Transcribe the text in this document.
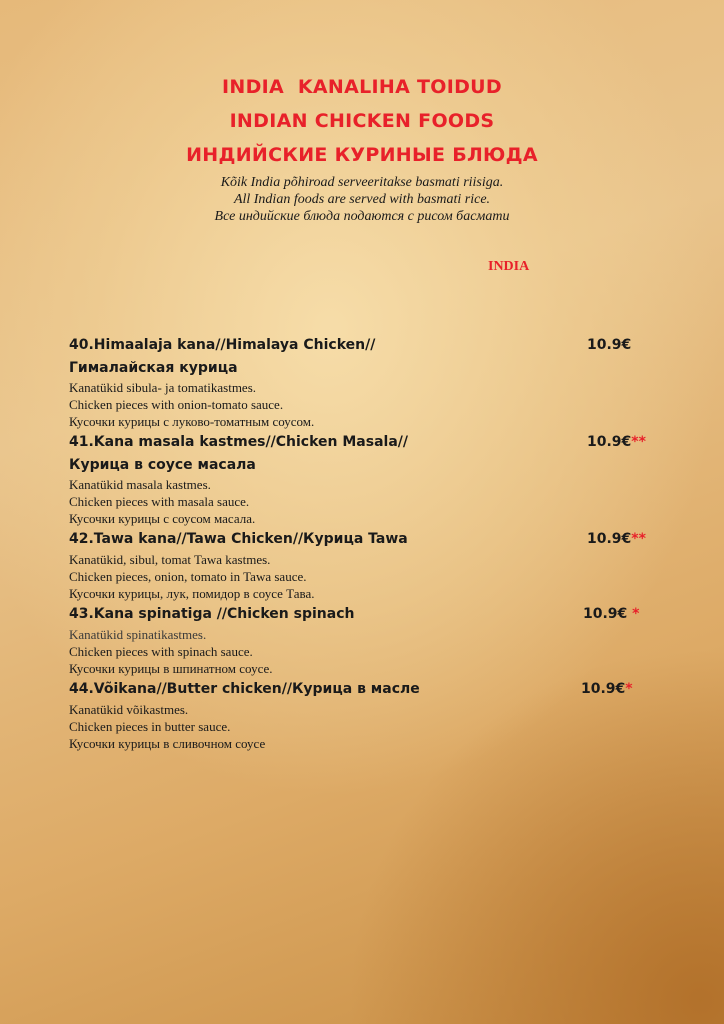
INDIA  KANALIHA TOIDUD
INDIAN CHICKEN FOODS
ИНДИЙСКИЕ КУРИНЫЕ БЛЮДА
Kõik India põhiroad serveeritakse basmati riisiga.
All Indian foods are served with basmati rice.
Все индийские блюда подаются с рисом басмати
INDIA
40.Himaalaja kana//Himalaya Chicken//	10.9€
Гималайская курица
Kanatükid sibula- ja tomatikastmes.
Chicken pieces with onion-tomato sauce.
Кусочки курицы с луково-томатным соусом.
41.Kana masala kastmes//Chicken Masala//	10.9€**
Курица в соусе масала
Kanatükid masala kastmes.
Chicken pieces with masala sauce.
Кусочки курицы с соусом масала.
42.Tawa kana//Tawa Chicken//Курица Tawa	10.9€**
Kanatükid, sibul, tomat Tawa kastmes.
Chicken pieces, onion, tomato in Tawa sauce.
Кусочки курицы, лук, помидор в соусе Тава.
43.Kana spinatiga //Chicken spinach	10.9€ *
Kanatükid spinatikastmes.
Chicken pieces with spinach sauce.
Кусочки курицы в шпинатном соусе.
44.Võikana//Butter chicken//Курица в масле	10.9€*
Kanatükid võikastmes.
Chicken pieces in butter sauce.
Кусочки курицы в сливочном соусе
